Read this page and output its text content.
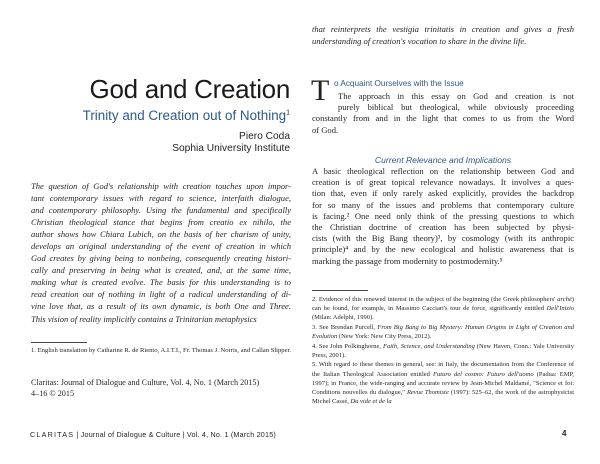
God and Creation
Trinity and Creation out of Nothing$^1$
Piero Coda
Sophia University Institute
The question of God's relationship with creation touches upon impor-
tant contemporary issues with regard to science, interfaith dialogue,
and contemporary philosophy. Using the fundamental and specifically
Christian theological stance that begins from creatio ex nihilo, the
author shows how Chiara Lubich, on the basis of her charism of unity,
develops an original understanding of the event of creation in which
God creates by giving being to nonbeing, consequently creating histori-
cally and preserving in being what is created, and, at the same time,
making what is created evolve. The basis for this understanding is to
read creation out of nothing in light of a radical understanding of di-
vine love that, as a result of its own dynamic, is both One and Three.
This vision of reality implicitly contains a Trinitarian metaphysics
1. English translation by Catharine R. de Riento, A.I.T.I., Fr. Thomas J. Norris, and Callan Slipper.
Claritas: Journal of Dialogue and Culture, Vol. 4, No. 1 (March 2015)
4–16 © 2015
that reinterprets the vestigia trinitatis in creation and gives a fresh understanding of creation's vocation to share in the divine life.
T o Acquaint Ourselves with the Issue
The approach in this essay on God and creation is not
purely biblical but theological, while obviously proceeding
constantly from and in the light that comes to us from the Word
of God.
Current Relevance and Implications
A basic theological reflection on the relationship between God and
creation is of great topical relevance nowadays. It involves a ques-
tion that, even if only rarely asked explicitly, provides the backdrop
for so many of the issues and problems that contemporary culture
is facing.² One need only think of the pressing questions to which
the Christian doctrine of creation has been subjected by physi-
cists (with the Big Bang theory)³, by cosmology (with its anthropic
principle)⁴ and by the new ecological and holistic awareness that is
marking the passage from modernity to postmodernity.⁵

2. Evidence of this renewed interest in the subject of the beginning (the Greek philosophers' archē) can be found, for example, in Massimo Cacciari's tour de force, significantly entitled Dell'Inizio (Milan: Adelphi, 1990).

3. See Brendan Purcell, From Big Bang to Big Mystery: Human Origins in Light of Creation and Evolution (New York: New City Press, 2012).

4. See John Polkinghorne, Faith, Science, and Understanding (New Haven, Conn.: Yale University Press, 2001).

5. With regard to these themes in general, see: in Italy, the documentation from the Conference of the Italian Theological Association entitled Futuro del cosmo: Futuro dell'uomo (Padua: EMP, 1997); in France, the wide-ranging and accurate review by Jean-Michel Maldamé, "Science et foi: Conditions nouvelles du dialogue," Revue Thomiste (1997): 525–62, the work of the astrophysicist Michel Cassé, Du vide et de la

CLARITAS | Journal of Dialogue & Culture | Vol. 4, No. 1 (March 2015)	4
